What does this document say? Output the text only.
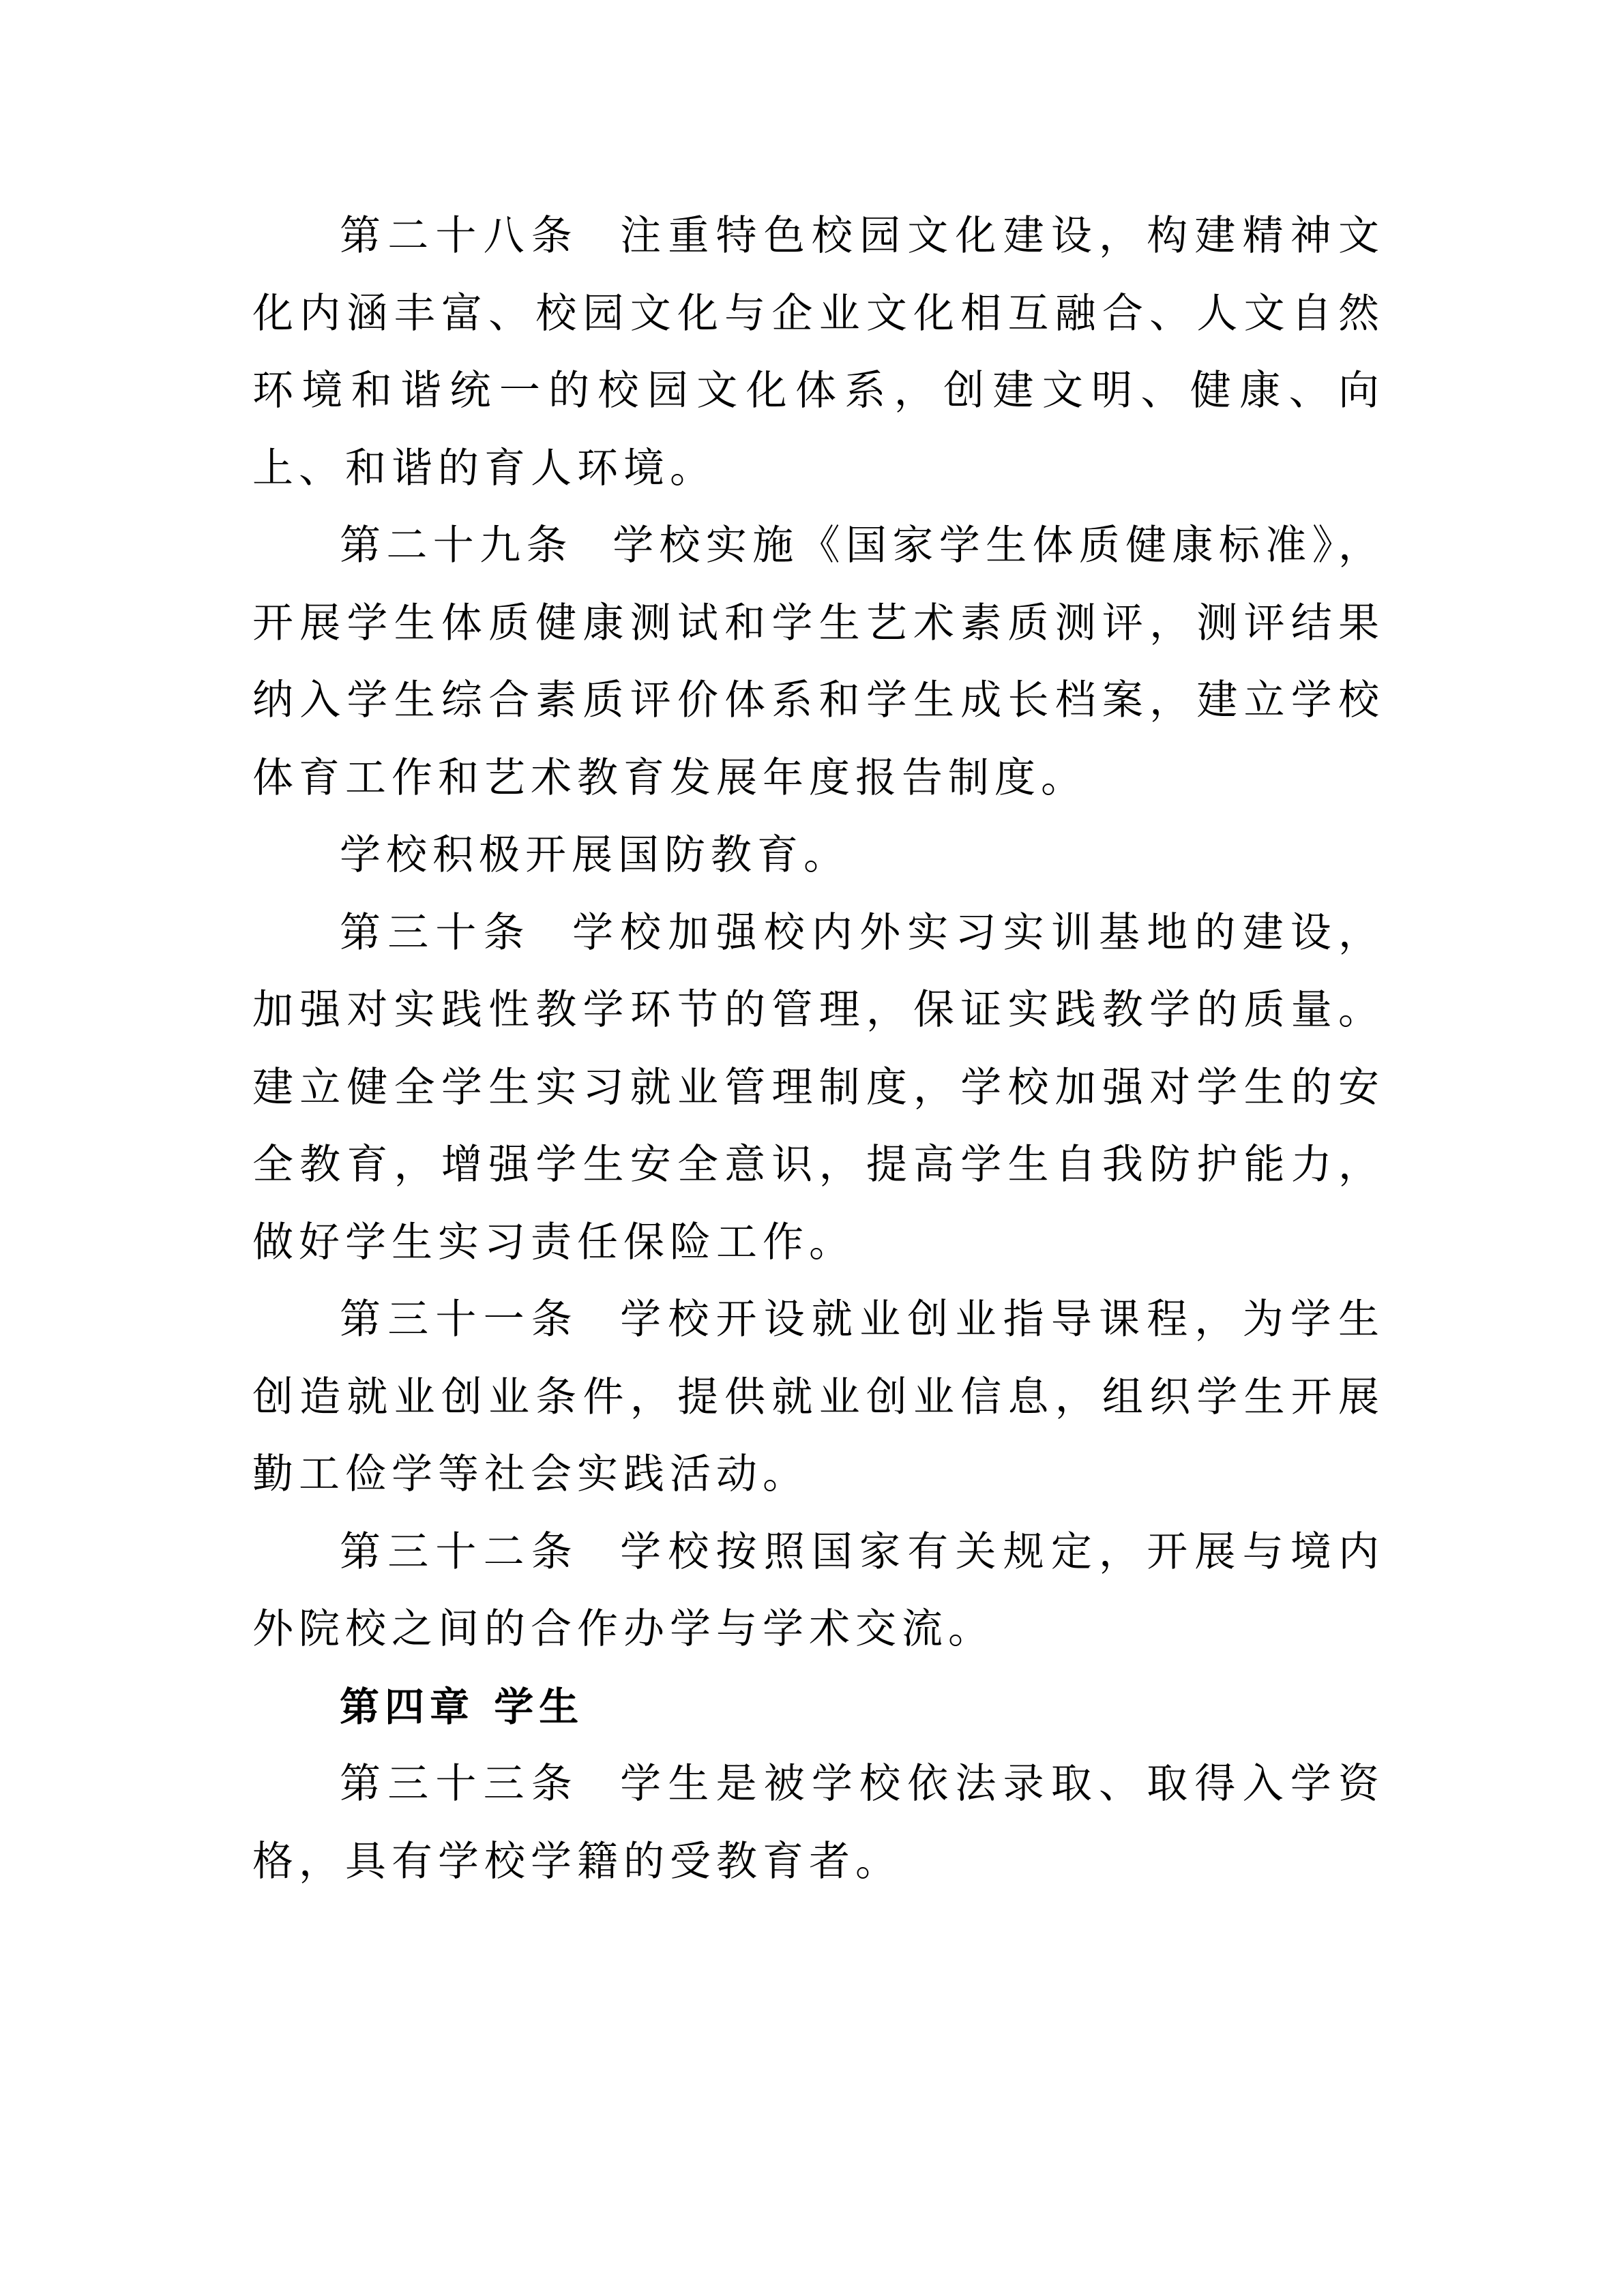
第二十八条 注重特色校园文化建设，构建精神文化内涵丰富、校园文化与企业文化相互融合、人文自然环境和谐统一的校园文化体系，创建文明、健康、向上、和谐的育人环境。

第二十九条 学校实施《国家学生体质健康标准》，开展学生体质健康测试和学生艺术素质测评，测评结果纳入学生综合素质评价体系和学生成长档案，建立学校体育工作和艺术教育发展年度报告制度。

学校积极开展国防教育。

第三十条 学校加强校内外实习实训基地的建设，加强对实践性教学环节的管理，保证实践教学的质量。建立健全学生实习就业管理制度，学校加强对学生的安全教育，增强学生安全意识，提高学生自我防护能力，做好学生实习责任保险工作。

第三十一条 学校开设就业创业指导课程，为学生创造就业创业条件，提供就业创业信息，组织学生开展勤工俭学等社会实践活动。

第三十二条 学校按照国家有关规定，开展与境内外院校之间的合作办学与学术交流。

第四章 学生

第三十三条 学生是被学校依法录取、取得入学资格，具有学校学籍的受教育者。
